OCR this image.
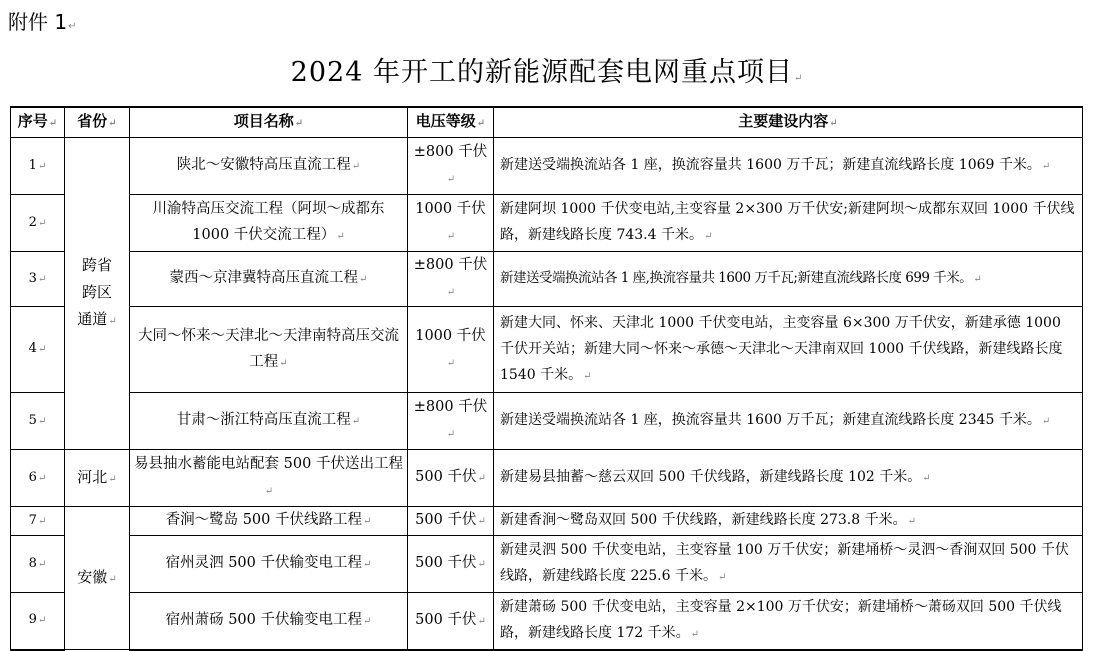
附件 1↵
2024 年开工的新能源配套电网重点项目↵
序号↵	省份↵	项目名称↵	电压等级↵	主要建设内容↵
1↵	跨省
跨区
通道↵	陕北～安徽特高压直流工程↵	±800 千伏↵	新建送受端换流站各 1 座，换流容量共 1600 万千瓦；新建直流线路长度 1069 千米。↵
2↵		川渝特高压交流工程（阿坝～成都东 1000 千伏交流工程）↵	1000 千伏↵	新建阿坝 1000 千伏变电站,主变容量 2×300 万千伏安;新建阿坝～成都东双回 1000 千伏线路，新建线路长度 743.4 千米。↵
3↵		蒙西～京津冀特高压直流工程↵	±800 千伏↵	新建送受端换流站各 1 座,换流容量共 1600 万千瓦;新建直流线路长度 699 千米。↵
4↵		大同～怀来～天津北～天津南特高压交流工程↵	1000 千伏↵	新建大同、怀来、天津北 1000 千伏变电站，主变容量 6×300 万千伏安，新建承德 1000 千伏开关站；新建大同～怀来～承德～天津北～天津南双回 1000 千伏线路，新建线路长度 1540 千米。↵
5↵		甘肃～浙江特高压直流工程↵	±800 千伏↵	新建送受端换流站各 1 座，换流容量共 1600 万千瓦；新建直流线路长度 2345 千米。↵
6↵	河北↵	易县抽水蓄能电站配套 500 千伏送出工程↵	500 千伏↵	新建易县抽蓄～慈云双回 500 千伏线路，新建线路长度 102 千米。↵
7↵	安徽↵	香涧～鹭岛 500 千伏线路工程↵	500 千伏↵	新建香涧～鹭岛双回 500 千伏线路，新建线路长度 273.8 千米。↵
8↵		宿州灵泗 500 千伏输变电工程↵	500 千伏↵	新建灵泗 500 千伏变电站，主变容量 100 万千伏安；新建埇桥～灵泗～香涧双回 500 千伏线路，新建线路长度 225.6 千米。↵
9↵		宿州萧砀 500 千伏输变电工程↵	500 千伏↵	新建萧砀 500 千伏变电站，主变容量 2×100 万千伏安；新建埇桥～萧砀双回 500 千伏线路，新建线路长度 172 千米。↵
